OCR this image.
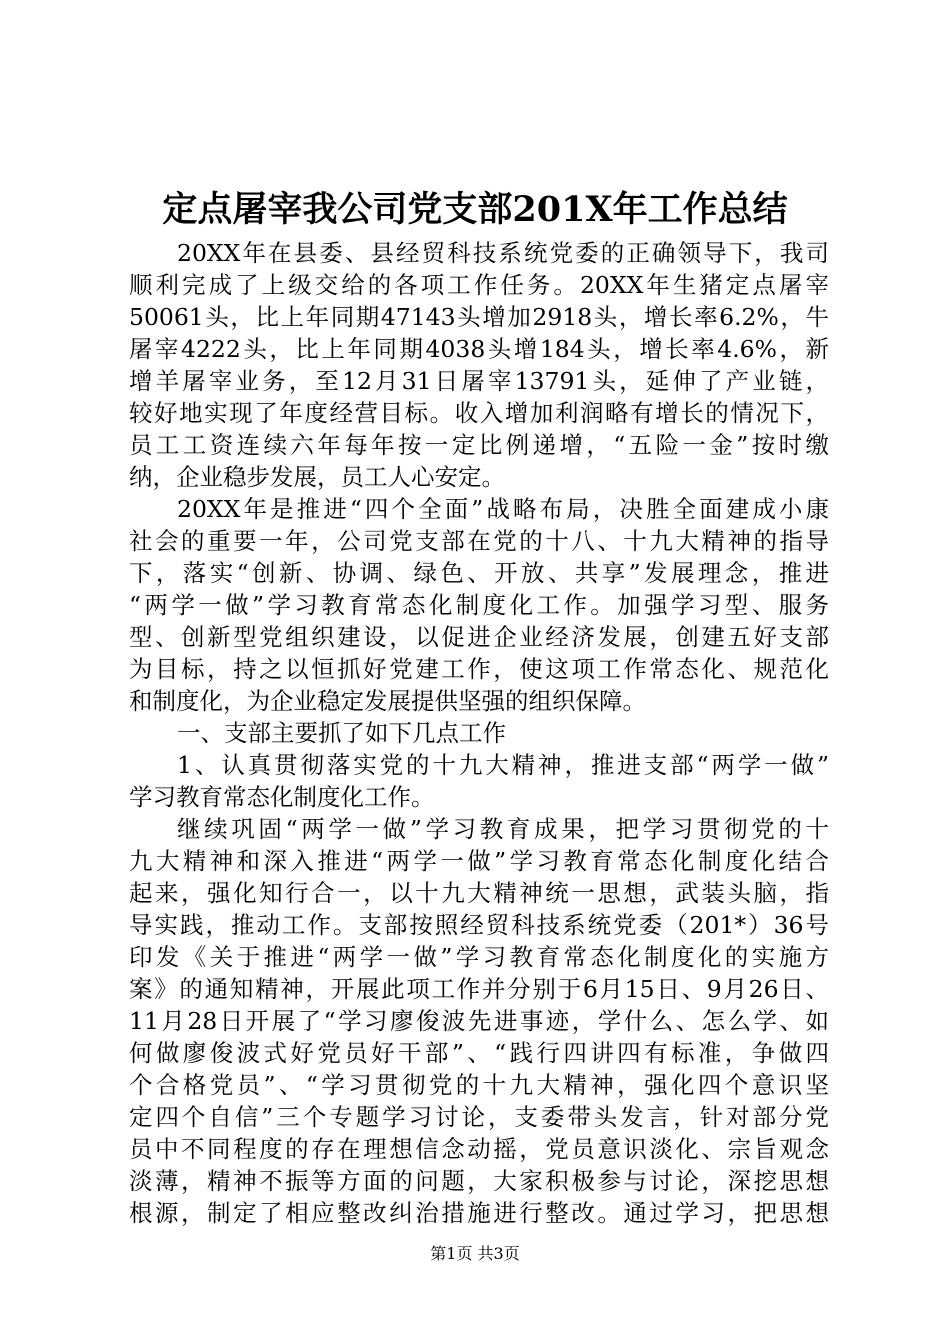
定点屠宰我公司党支部201X年工作总结
20XX年在县委、县经贸科技系统党委的正确领导下，我司
顺利完成了上级交给的各项工作任务。20XX年生猪定点屠宰
50061头，比上年同期47143头增加2918头，增长率6.2%，牛
屠宰4222头，比上年同期4038头增184头，增长率4.6%，新
增羊屠宰业务，至12月31日屠宰13791头，延伸了产业链，
较好地实现了年度经营目标。收入增加利润略有增长的情况下，
员工工资连续六年每年按一定比例递增，“五险一金”按时缴
纳，企业稳步发展，员工人心安定。
20XX年是推进“四个全面”战略布局，决胜全面建成小康
社会的重要一年，公司党支部在党的十八、十九大精神的指导
下，落实“创新、协调、绿色、开放、共享”发展理念，推进
“两学一做”学习教育常态化制度化工作。加强学习型、服务
型、创新型党组织建设，以促进企业经济发展，创建五好支部
为目标，持之以恒抓好党建工作，使这项工作常态化、规范化
和制度化，为企业稳定发展提供坚强的组织保障。
一、支部主要抓了如下几点工作
1、认真贯彻落实党的十九大精神，推进支部“两学一做”
学习教育常态化制度化工作。
继续巩固“两学一做”学习教育成果，把学习贯彻党的十
九大精神和深入推进“两学一做”学习教育常态化制度化结合
起来，强化知行合一，以十九大精神统一思想，武装头脑，指
导实践，推动工作。支部按照经贸科技系统党委（201*）36号
印发《关于推进“两学一做”学习教育常态化制度化的实施方
案》的通知精神，开展此项工作并分别于6月15日、9月26日、
11月28日开展了“学习廖俊波先进事迹，学什么、怎么学、如
何做廖俊波式好党员好干部”、“践行四讲四有标准，争做四
个合格党员”、“学习贯彻党的十九大精神，强化四个意识坚
定四个自信”三个专题学习讨论，支委带头发言，针对部分党
员中不同程度的存在理想信念动摇，党员意识淡化、宗旨观念
淡薄，精神不振等方面的问题，大家积极参与讨论，深挖思想
根源，制定了相应整改纠治措施进行整改。通过学习，把思想
第1页 共3页
